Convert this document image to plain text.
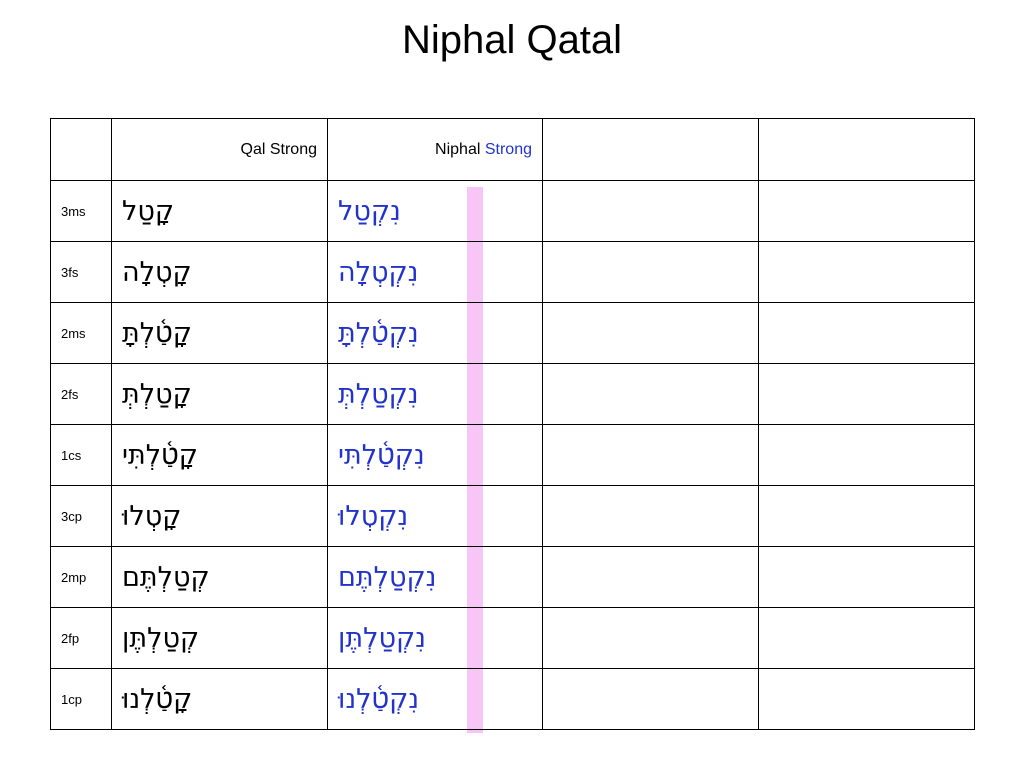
Niphal Qatal
	Qal Strong	Niphal Strong		
3ms	קָטַל	נִקְטַל		
3fs	קָטְלָה	נִקְטְלָה		
2ms	קָטַ֫לְתָּ	נִקְטַ֫לְתָּ		
2fs	קָטַלְתְּ	נִקְטַלְתְּ		
1cs	קָטַ֫לְתִּי	נִקְטַ֫לְתִּי		
3cp	קָטְלוּ	נִקְטְלוּ		
2mp	קְטַלְתֶּם	נִקְטַלְתֶּם		
2fp	קְטַלְתֶּן	נִקְטַלְתֶּן		
1cp	קָטַ֫לְנוּ	נִקְטַ֫לְנוּ		
